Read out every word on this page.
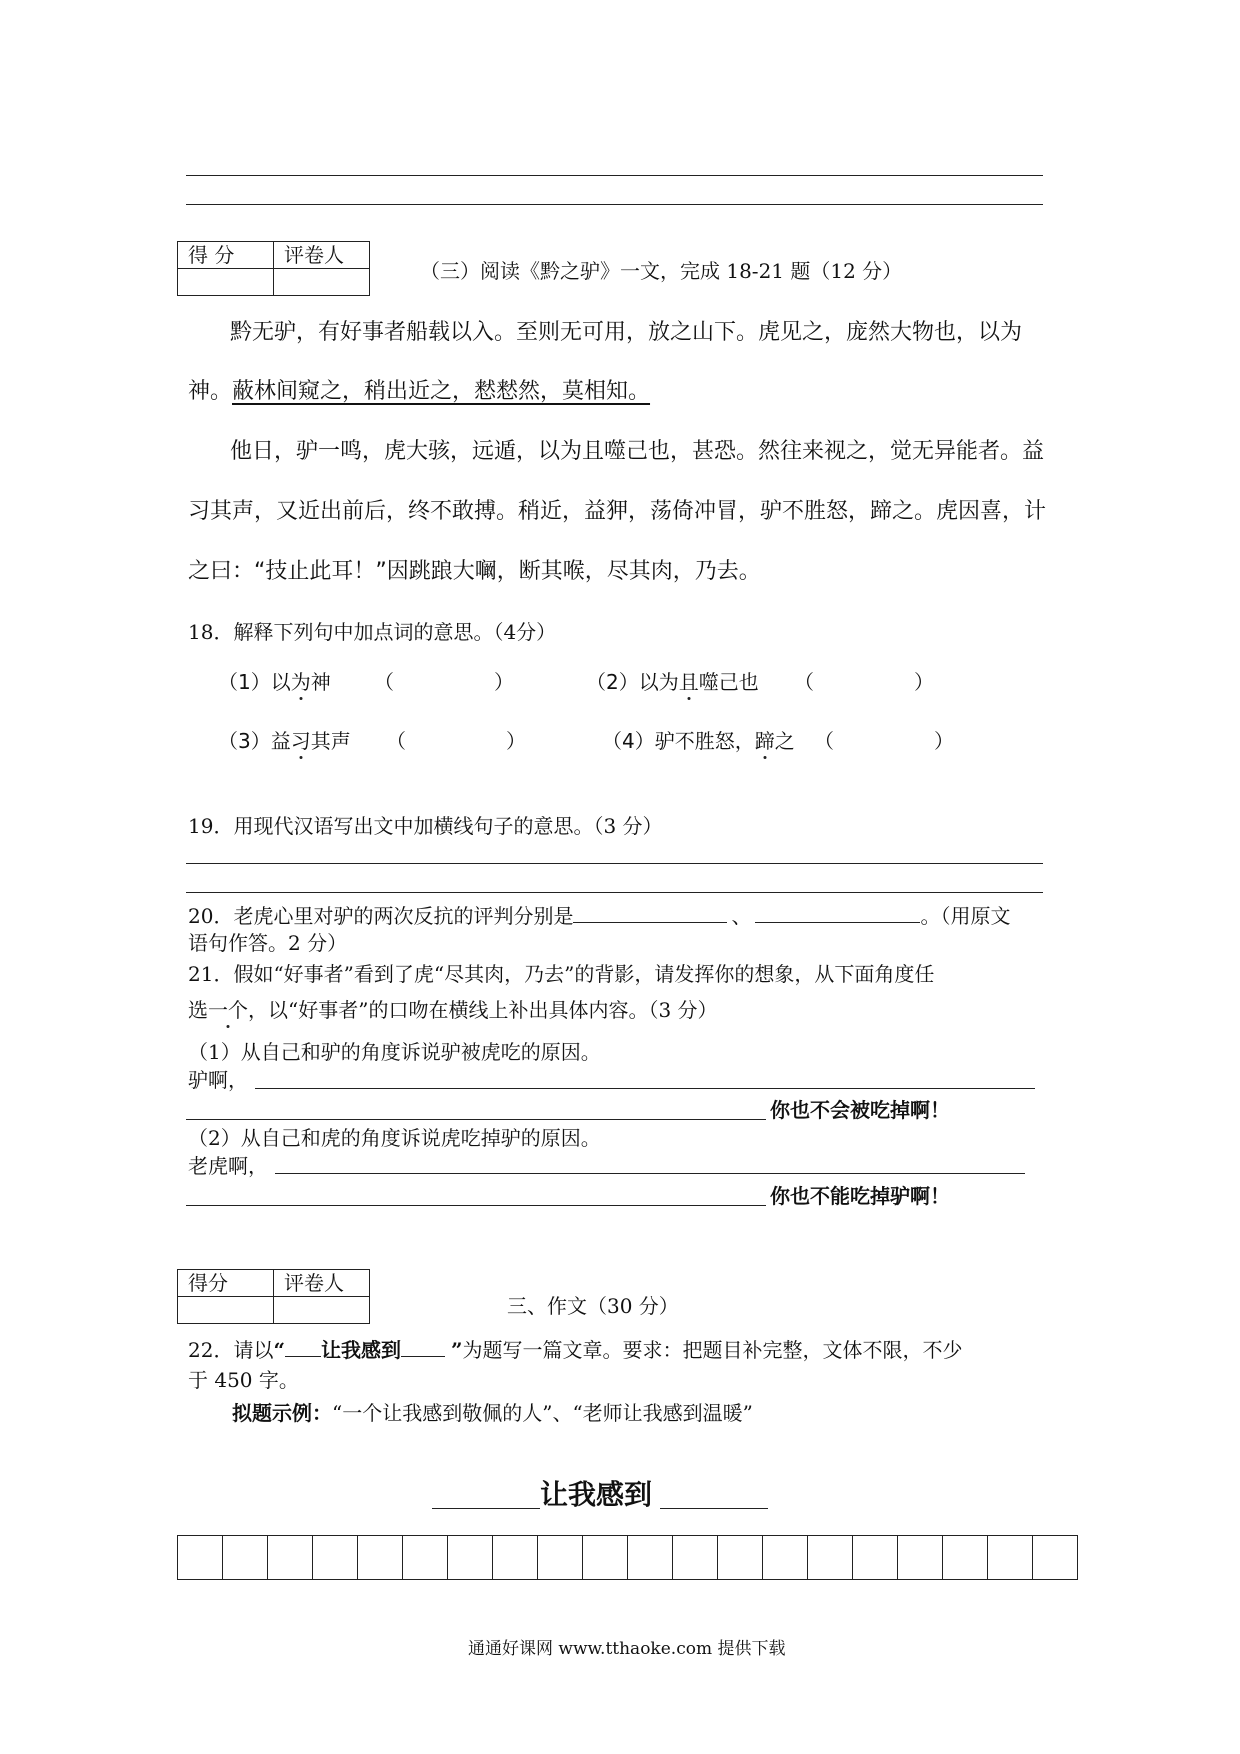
得 分	评卷人

（三）阅读《黔之驴》一文，完成 18-21 题（12 分）
黔无驴，有好事者船载以入。至则无可用，放之山下。虎见之，庞然大物也，以为
神。蔽林间窥之，稍出近之，慭慭然，莫相知。
他日，驴一鸣，虎大骇，远遁，以为且噬己也，甚恐。然往来视之，觉无异能者。益
习其声，又近出前后，终不敢搏。稍近，益狎，荡倚冲冒，驴不胜怒，蹄之。虎因喜，计
之曰：“技止此耳！”因跳踉大㘎，断其喉，尽其肉，乃去。
18．解释下列句中加点词的意思。（4分）
（1）以为神 （　　　　　）	（2）以为且噬己也 （　　　　　）
（3）益习其声 （　　　　　）	（4）驴不胜怒，蹄之 （　　　　　）
19．用现代汉语写出文中加横线句子的意思。（3 分）
20．老虎心里对驴的两次反抗的评判分别是	、	。（用原文
语句作答。2 分）
21．假如“好事者”看到了虎“尽其肉，乃去”的背影，请发挥你的想象，从下面角度任
选一个，以“好事者”的口吻在横线上补出具体内容。（3 分）
（1）从自己和驴的角度诉说驴被虎吃的原因。
驴啊，
你也不会被吃掉啊！
（2）从自己和虎的角度诉说虎吃掉驴的原因。
老虎啊，
你也不能吃掉驴啊！
得分	评卷人

三、作文（30 分）
22．请以“ 让我感到	”为题写一篇文章。要求：把题目补完整，文体不限，不少
于 450 字。
拟题示例：“一个让我感到敬佩的人”、“老师让我感到温暖”
让我感到
通通好课网 www.tthaoke.com 提供下载
